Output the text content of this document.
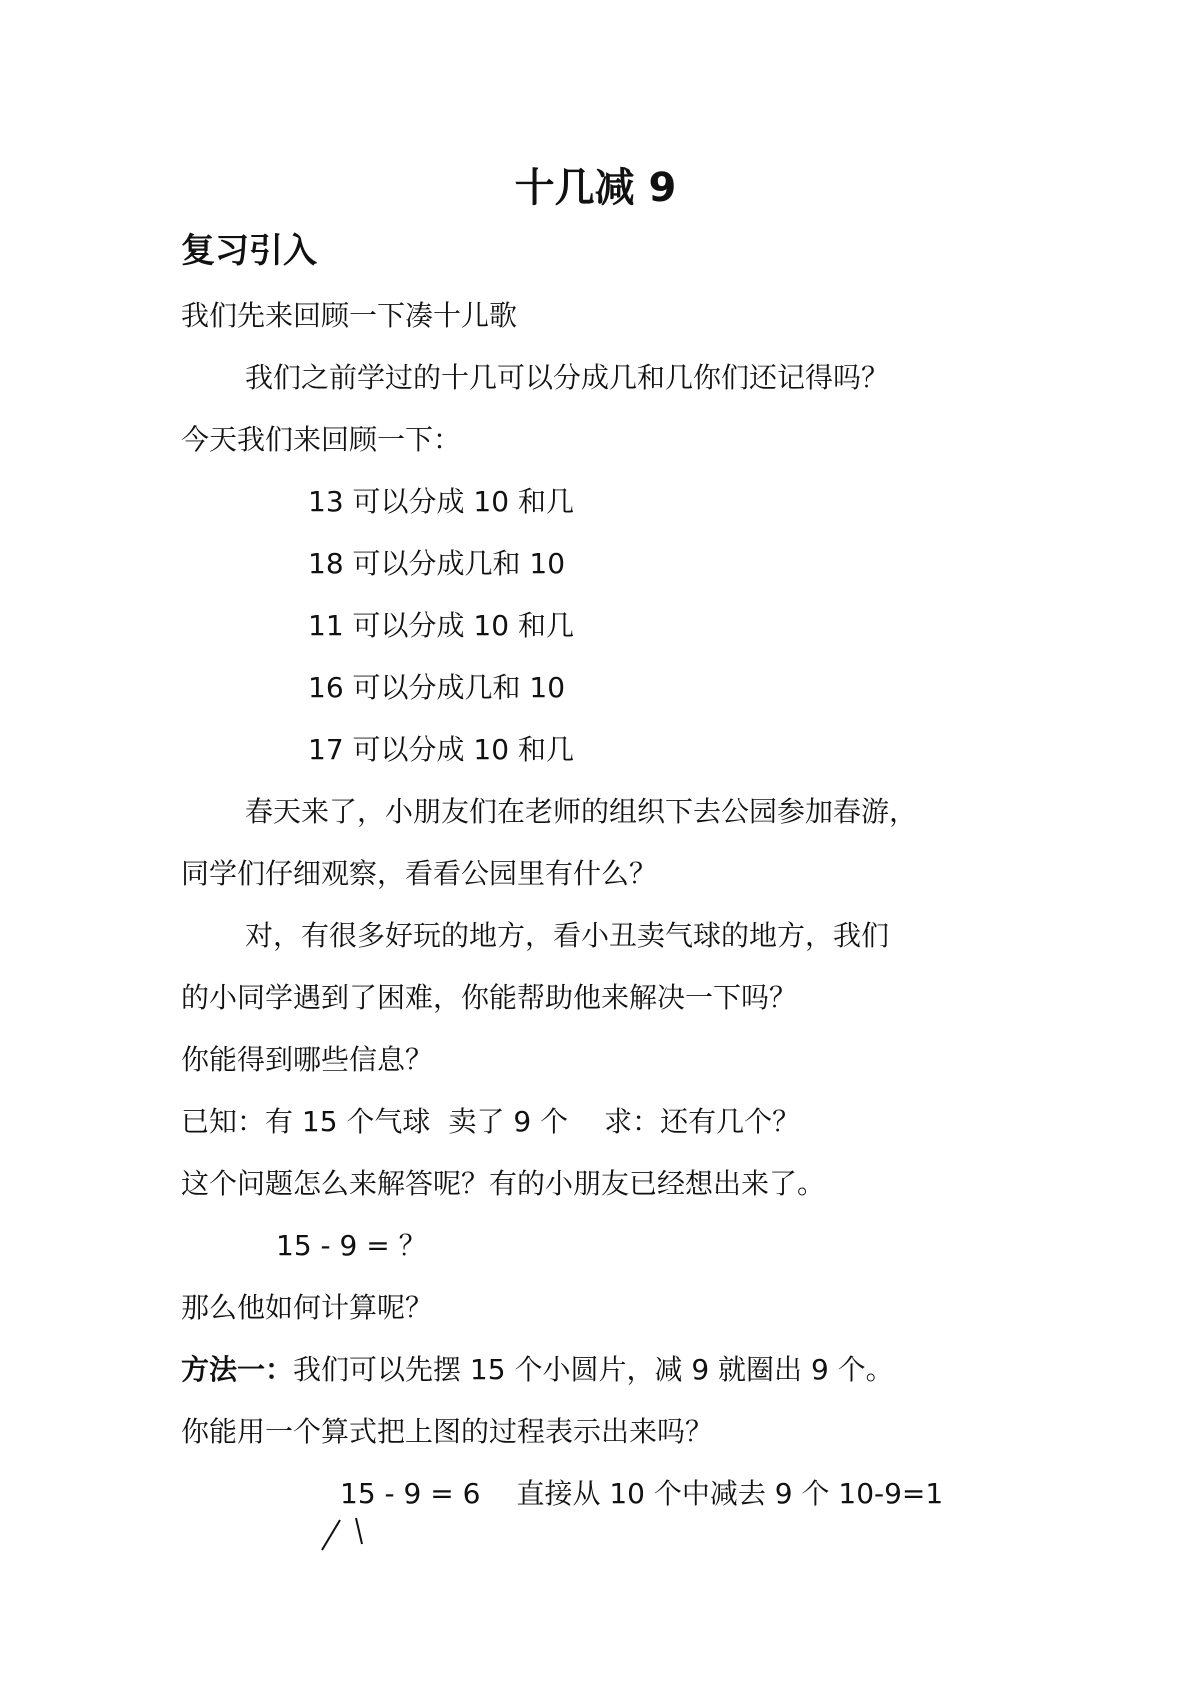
十几减 9
复习引入
我们先来回顾一下凑十儿歌
我们之前学过的十几可以分成几和几你们还记得吗？
今天我们来回顾一下：
13 可以分成 10 和几
18 可以分成几和 10
11 可以分成 10 和几
16 可以分成几和 10
17 可以分成 10 和几
春天来了，小朋友们在老师的组织下去公园参加春游，
同学们仔细观察，看看公园里有什么？
对，有很多好玩的地方，看小丑卖气球的地方，我们
的小同学遇到了困难，你能帮助他来解决一下吗？
你能得到哪些信息？
已知：有 15 个气球 卖了 9 个 求：还有几个？
这个问题怎么来解答呢？有的小朋友已经想出来了。
15 - 9 = ？
那么他如何计算呢？
方法一：我们可以先摆 15 个小圆片，减 9 就圈出 9 个。
你能用一个算式把上图的过程表示出来吗？
15 - 9 = 6 直接从 10 个中减去 9 个 10-9=1
